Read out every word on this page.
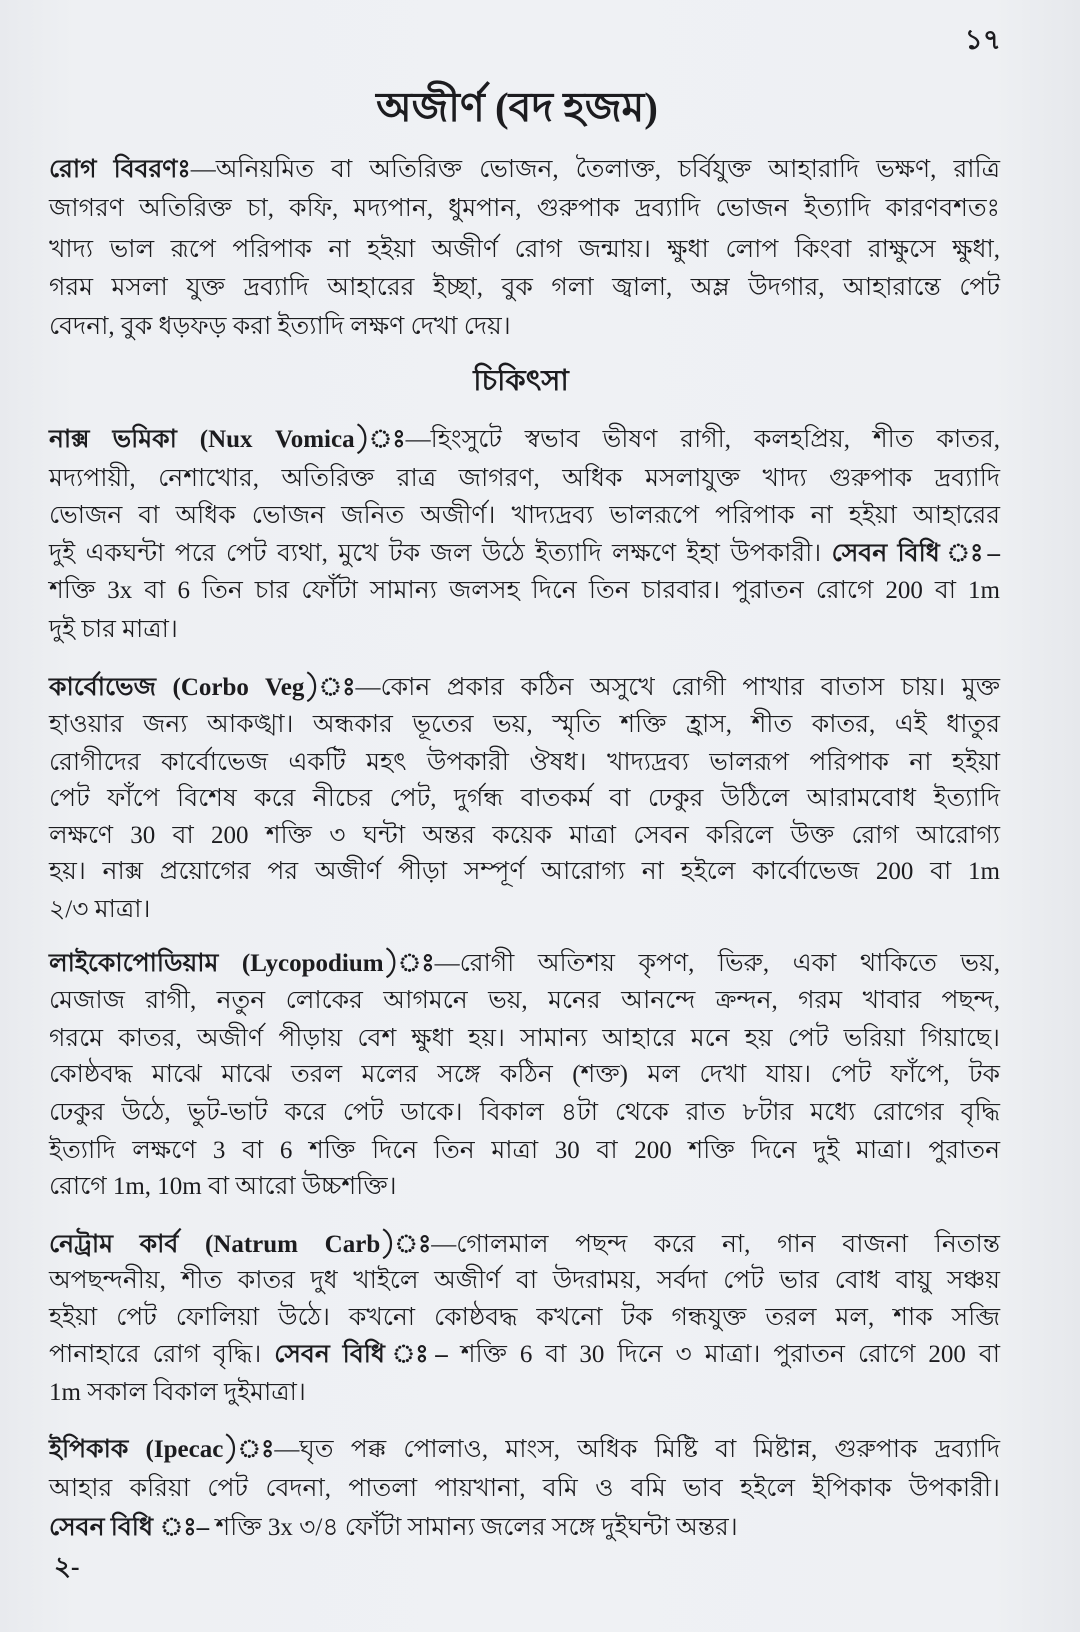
১৭
অজীর্ণ (বদ হজম)
রোগ বিবরণঃ—অনিয়মিত বা অতিরিক্ত ভোজন, তৈলাক্ত, চর্বিযুক্ত আহারাদি ভক্ষণ, রাত্রি
জাগরণ অতিরিক্ত চা, কফি, মদ্যপান, ধুমপান, গুরুপাক দ্রব্যাদি ভোজন ইত্যাদি কারণবশতঃ
খাদ্য ভাল রূপে পরিপাক না হইয়া অজীর্ণ রোগ জন্মায়। ক্ষুধা লোপ কিংবা রাক্ষুসে ক্ষুধা,
গরম মসলা যুক্ত দ্রব্যাদি আহারের ইচ্ছা, বুক গলা জ্বালা, অম্ল উদগার, আহারান্তে পেট
বেদনা, বুক ধড়ফড় করা ইত্যাদি লক্ষণ দেখা দেয়।
চিকিৎসা
নাক্স ভমিকা (Nux Vomica)ঃ—হিংসুটে স্বভাব ভীষণ রাগী, কলহপ্রিয়, শীত কাতর,
মদ্যপায়ী, নেশাখোর, অতিরিক্ত রাত্র জাগরণ, অধিক মসলাযুক্ত খাদ্য গুরুপাক দ্রব্যাদি
ভোজন বা অধিক ভোজন জনিত অজীর্ণ। খাদ্যদ্রব্য ভালরূপে পরিপাক না হইয়া আহারের
দুই একঘন্টা পরে পেট ব্যথা, মুখে টক জল উঠে ইত্যাদি লক্ষণে ইহা উপকারী। সেবন বিধি ঃ–
শক্তি 3x বা 6 তিন চার ফোঁটা সামান্য জলসহ দিনে তিন চারবার। পুরাতন রোগে 200 বা 1m
দুই চার মাত্রা।
কার্বোভেজ (Corbo Veg)ঃ—কোন প্রকার কঠিন অসুখে রোগী পাখার বাতাস চায়। মুক্ত
হাওয়ার জন্য আকঙ্খা। অন্ধকার ভূতের ভয়, স্মৃতি শক্তি হ্রাস, শীত কাতর, এই ধাতুর
রোগীদের কার্বোভেজ একটি মহৎ উপকারী ঔষধ। খাদ্যদ্রব্য ভালরূপ পরিপাক না হইয়া
পেট ফাঁপে বিশেষ করে নীচের পেট, দুর্গন্ধ বাতকর্ম বা ঢেকুর উঠিলে আরামবোধ ইত্যাদি
লক্ষণে 30 বা 200 শক্তি ৩ ঘন্টা অন্তর কয়েক মাত্রা সেবন করিলে উক্ত রোগ আরোগ্য
হয়। নাক্স প্রয়োগের পর অজীর্ণ পীড়া সম্পূর্ণ আরোগ্য না হইলে কার্বোভেজ 200 বা 1m
২/৩ মাত্রা।
লাইকোপোডিয়াম (Lycopodium)ঃ—রোগী অতিশয় কৃপণ, ভিরু, একা থাকিতে ভয়,
মেজাজ রাগী, নতুন লোকের আগমনে ভয়, মনের আনন্দে ক্রন্দন, গরম খাবার পছন্দ,
গরমে কাতর, অজীর্ণ পীড়ায় বেশ ক্ষুধা হয়। সামান্য আহারে মনে হয় পেট ভরিয়া গিয়াছে।
কোষ্ঠবদ্ধ মাঝে মাঝে তরল মলের সঙ্গে কঠিন (শক্ত) মল দেখা যায়। পেট ফাঁপে, টক
ঢেকুর উঠে, ভুট-ভাট করে পেট ডাকে। বিকাল ৪টা থেকে রাত ৮টার মধ্যে রোগের বৃদ্ধি
ইত্যাদি লক্ষণে 3 বা 6 শক্তি দিনে তিন মাত্রা 30 বা 200 শক্তি দিনে দুই মাত্রা। পুরাতন
রোগে 1m, 10m বা আরো উচ্চশক্তি।
নেট্রাম কার্ব (Natrum Carb)ঃ—গোলমাল পছন্দ করে না, গান বাজনা নিতান্ত
অপছন্দনীয়, শীত কাতর দুধ খাইলে অজীর্ণ বা উদরাময়, সর্বদা পেট ভার বোধ বায়ু সঞ্চয়
হইয়া পেট ফোলিয়া উঠে। কখনো কোষ্ঠবদ্ধ কখনো টক গন্ধযুক্ত তরল মল, শাক সব্জি
পানাহারে রোগ বৃদ্ধি। সেবন বিধি ঃ– শক্তি 6 বা 30 দিনে ৩ মাত্রা। পুরাতন রোগে 200 বা
1m সকাল বিকাল দুইমাত্রা।
ইপিকাক (Ipecac)ঃ—ঘৃত পক্ক পোলাও, মাংস, অধিক মিষ্টি বা মিষ্টান্ন, গুরুপাক দ্রব্যাদি
আহার করিয়া পেট বেদনা, পাতলা পায়খানা, বমি ও বমি ভাব হইলে ইপিকাক উপকারী।
সেবন বিধি ঃ– শক্তি 3x ৩/৪ ফোঁটা সামান্য জলের সঙ্গে দুইঘন্টা অন্তর।
২-
